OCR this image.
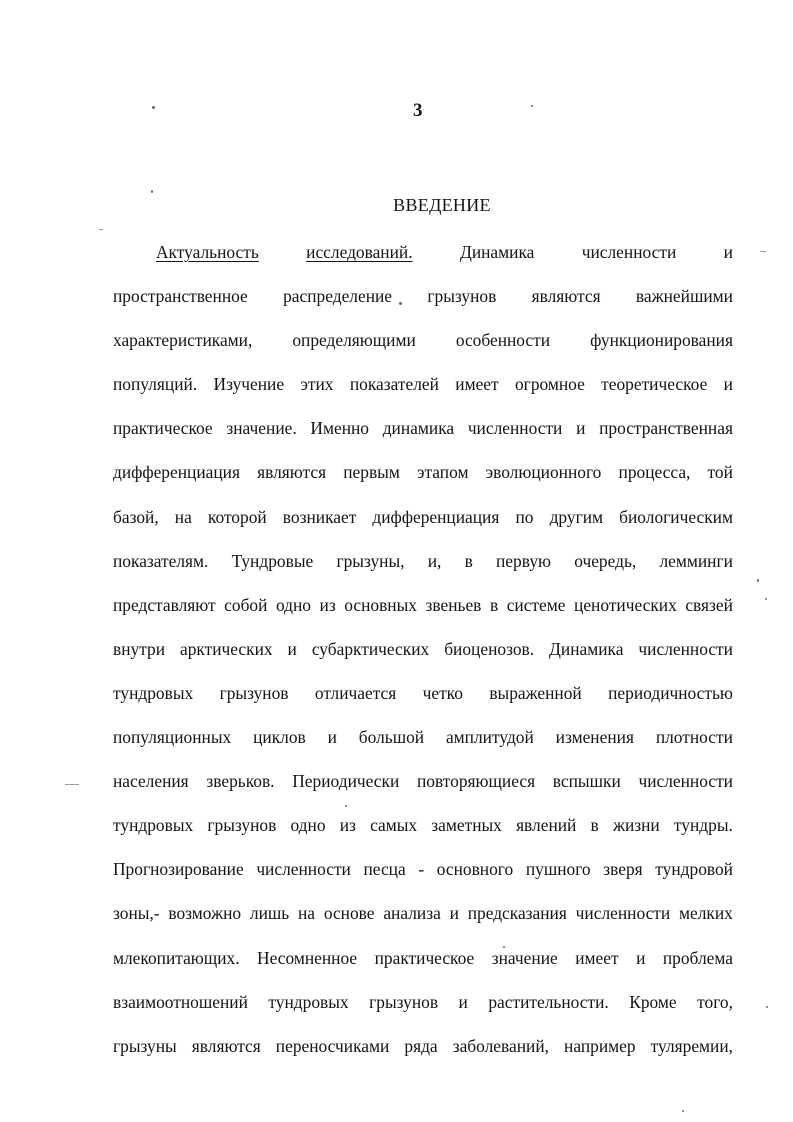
3
ВВЕДЕНИЕ
Актуальность	исследований.	Динамика	численности	и
пространственное распределение грызунов являются важнейшими
характеристиками, определяющими особенности функционирования
популяций. Изучение этих показателей имеет огромное теоретическое и
практическое значение. Именно динамика численности и пространственная
дифференциация являются первым этапом эволюционного процесса, той
базой, на которой возникает дифференциация по другим биологическим
показателям. Тундровые грызуны, и, в первую очередь, лемминги
представляют собой одно из основных звеньев в системе ценотических связей
внутри арктических и субарктических биоценозов. Динамика численности
тундровых грызунов отличается четко выраженной периодичностью
популяционных циклов и большой амплитудой изменения плотности
населения зверьков. Периодически повторяющиеся вспышки численности
тундровых грызунов одно из самых заметных явлений в жизни тундры.
Прогнозирование численности песца - основного пушного зверя тундровой
зоны,- возможно лишь на основе анализа и предсказания численности мелких
млекопитающих. Несомненное практическое значение имеет и проблема
взаимоотношений тундровых грызунов и растительности. Кроме того,
грызуны являются переносчиками ряда заболеваний, например туляремии,
